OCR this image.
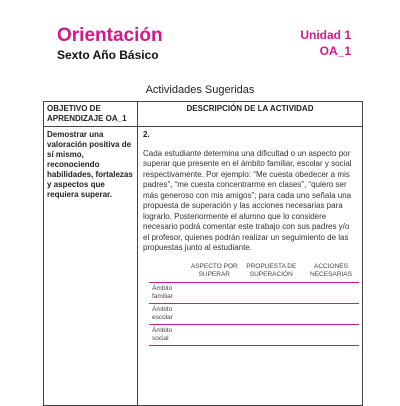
Orientación
Sexto Año Básico
Unidad 1
OA_1
Actividades Sugeridas
OBJETIVO DE APRENDIZAJE OA_1	DESCRIPCIÓN DE LA ACTIVIDAD
Demostrar una valoración positiva de sí mismo, reconociendo habilidades, fortalezas y aspectos que requiera superar.	
2.
Cada estudiante determina una dificultad o un aspecto por superar que presente en el ámbito familiar, escolar y social respectivamente. Por ejemplo: “Me cuesta obedecer a mis padres”, “me cuesta concentrarme en clases”, “quiero ser más generoso con mis amigos”; para cada uno señala una propuesta de superación y las acciones necesarias para lograrlo. Posteriormente el alumno que lo considere necesario podrá comentar este trabajo con sus padres y/o el profesor, quienes podrán realizar un seguimiento de las propuestas junto al estudiante.
	ASPECTO POR SUPERAR	PROPUESTA DE SUPERACIÓN	ACCIONES NECESARIAS
Ámbito familiar			
Ámbito escolar			
Ámbito social			
